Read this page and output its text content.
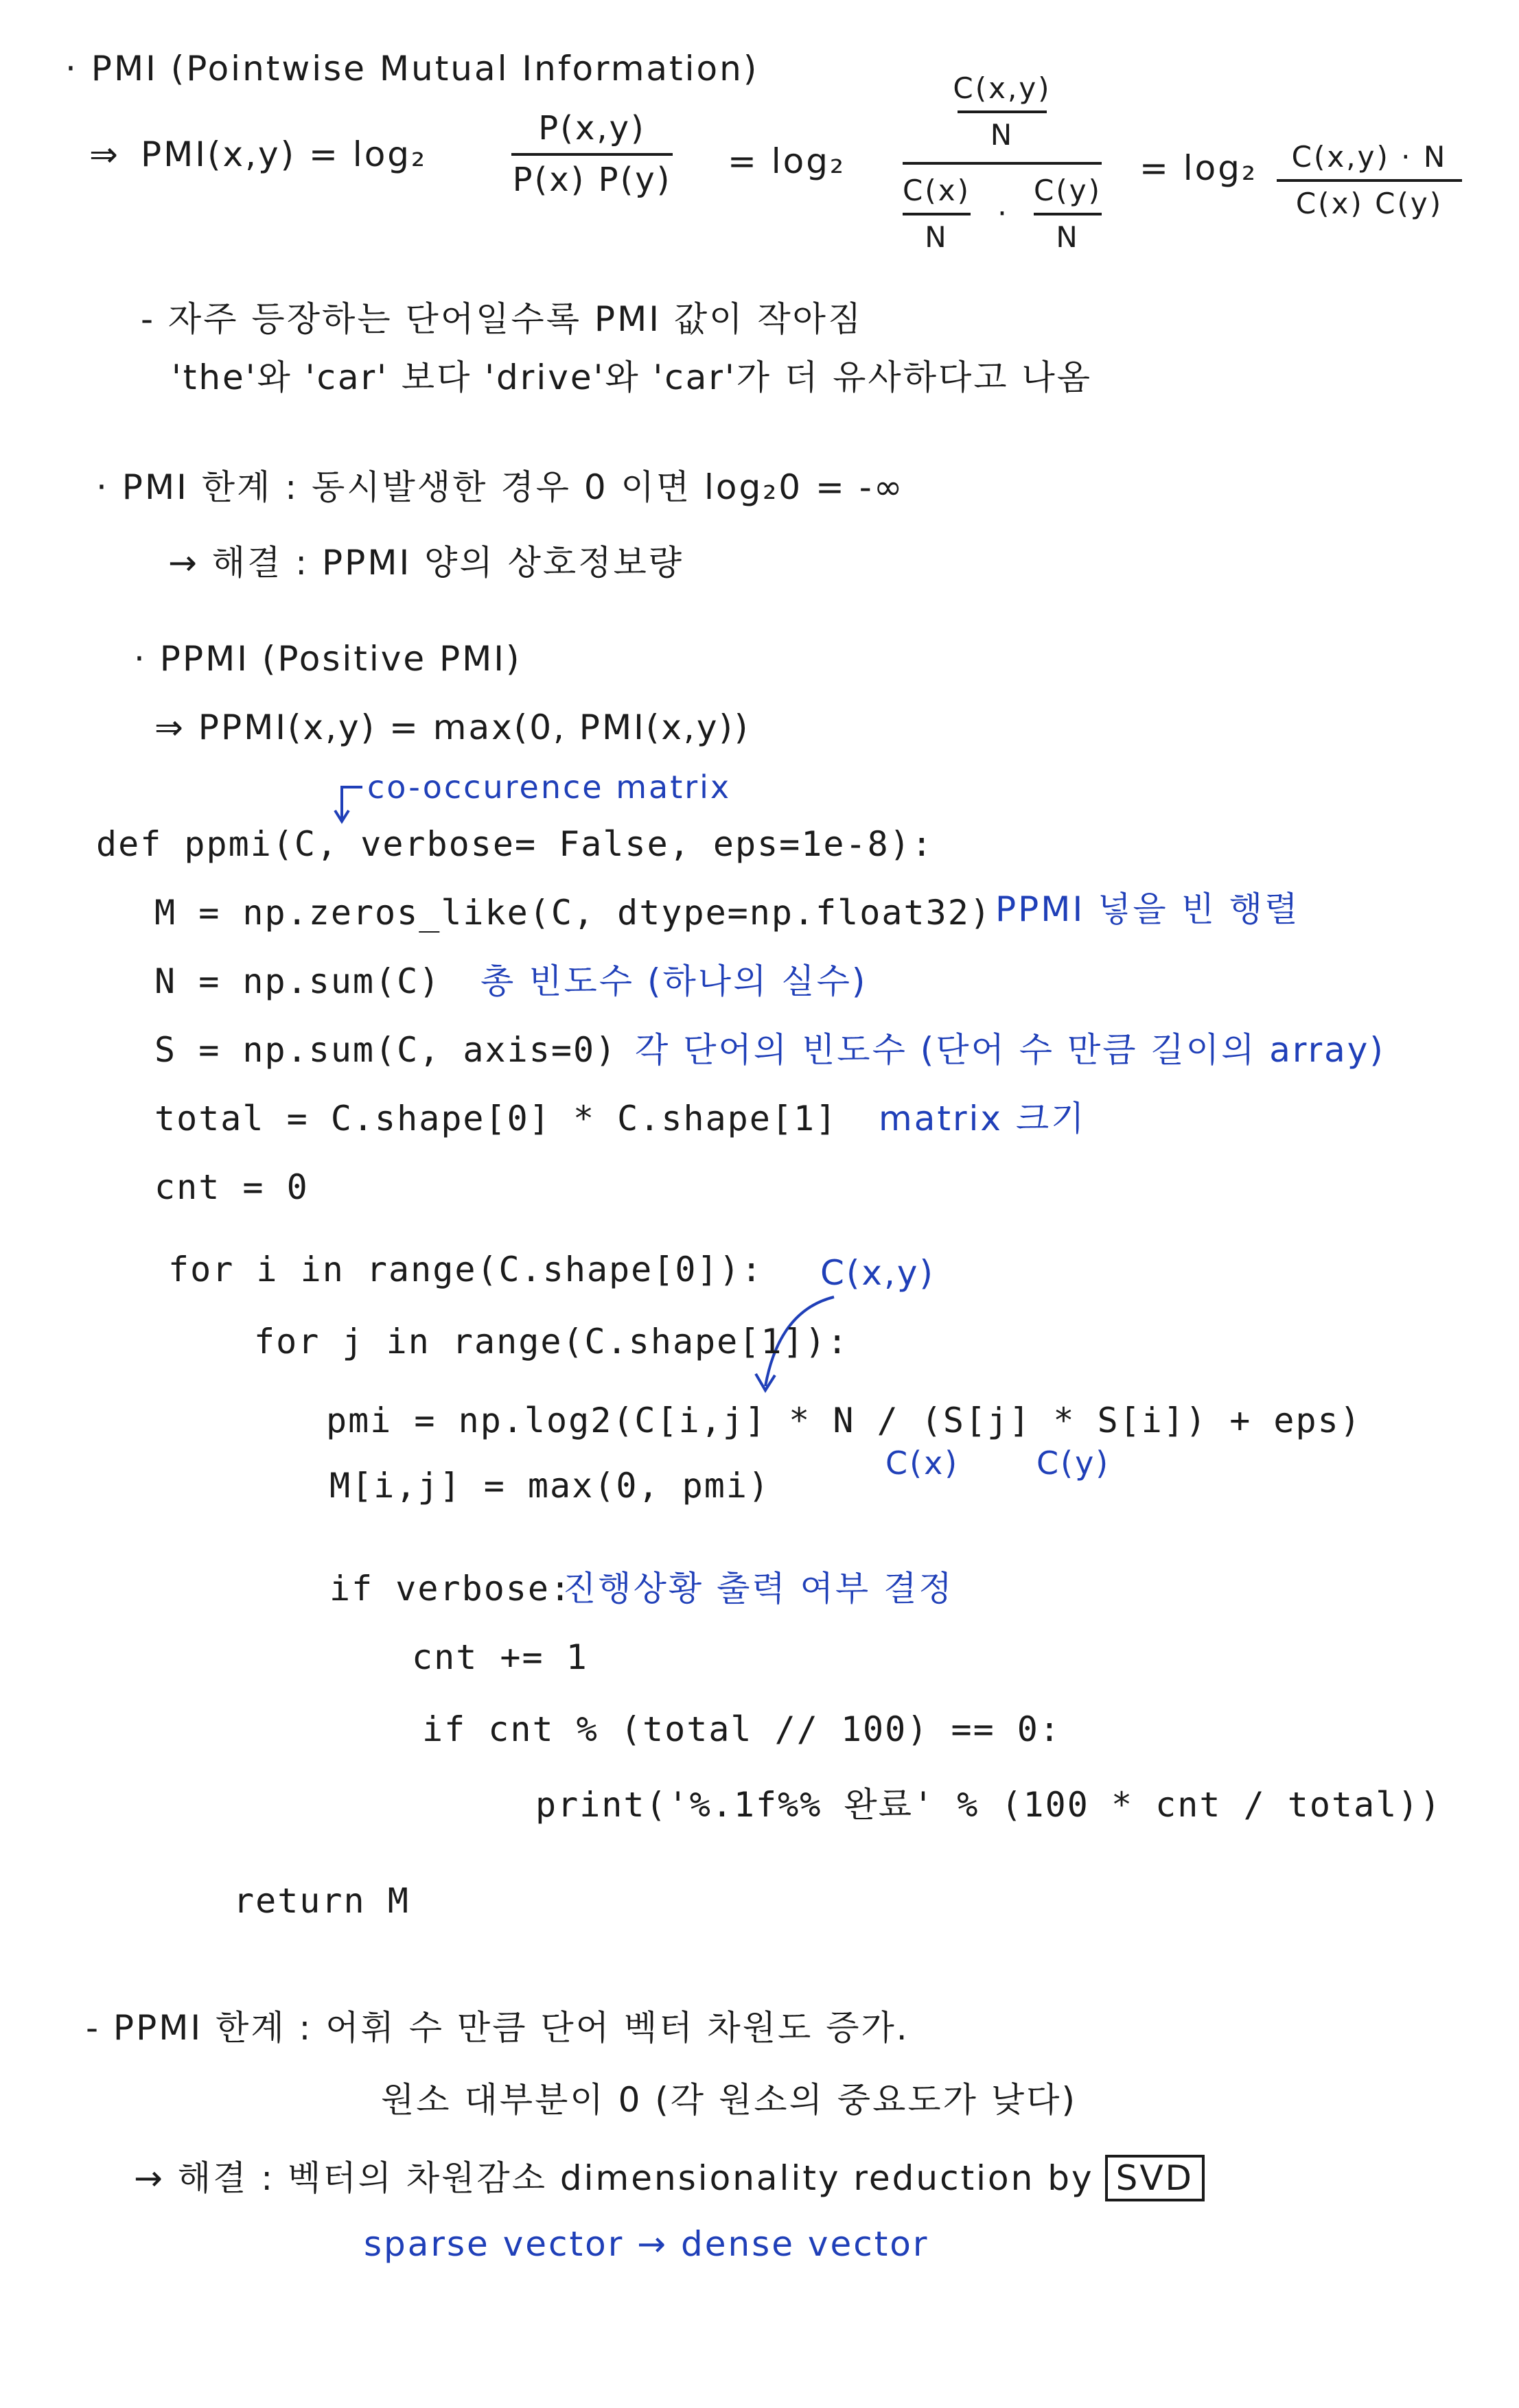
· PMI (Pointwise Mutual Information)
⇒ PMI(x,y) = log₂
P(x,y)
P(x) P(y) = log₂
C(x,y)
N
$\frac{C(x)}{N} \cdot \frac{C(y)}{N}$
= log₂ C(x,y) · N
C(x) C(y)
- 자주 등장하는 단어일수록 PMI 값이 작아짐
'the'와 'car' 보다 'drive'와 'car'가 더 유사하다고 나옴
· PMI 한계 : 동시발생한 경우 0 이면 log₂0 = -∞
→ 해결 : PPMI 양의 상호정보량
· PPMI (Positive PMI)
⇒ PPMI(x,y) = max(0, PMI(x,y))
co-occurence matrix
def ppmi(C, verbose= False, eps=1e-8):
M = np.zeros_like(C, dtype=np.float32) PPMI 넣을 빈 행렬
N = np.sum(C) 총 빈도수 (하나의 실수)
S = np.sum(C, axis=0) 각 단어의 빈도수 (단어 수 만큼 길이의 array)
total = C.shape[0] * C.shape[1] matrix 크기
cnt = 0
for i in range(C.shape[0]): C(x,y)
for j in range(C.shape[1]):
pmi = np.log2(C[i,j] * N / (S[j] * S[i]) + eps)
C(x) C(y)
M[i,j] = max(0, pmi)
if verbose:
진행상황 출력 여부 결정
cnt += 1
if cnt % (total // 100) == 0:
print('%.1f%% 완료' % (100 * cnt / total))
return M
- PPMI 한계 : 어휘 수 만큼 단어 벡터 차원도 증가.
원소 대부분이 0 (각 원소의 중요도가 낮다)
→ 해결 : 벡터의 차원감소 dimensionality reduction by SVD
sparse vector → dense vector
